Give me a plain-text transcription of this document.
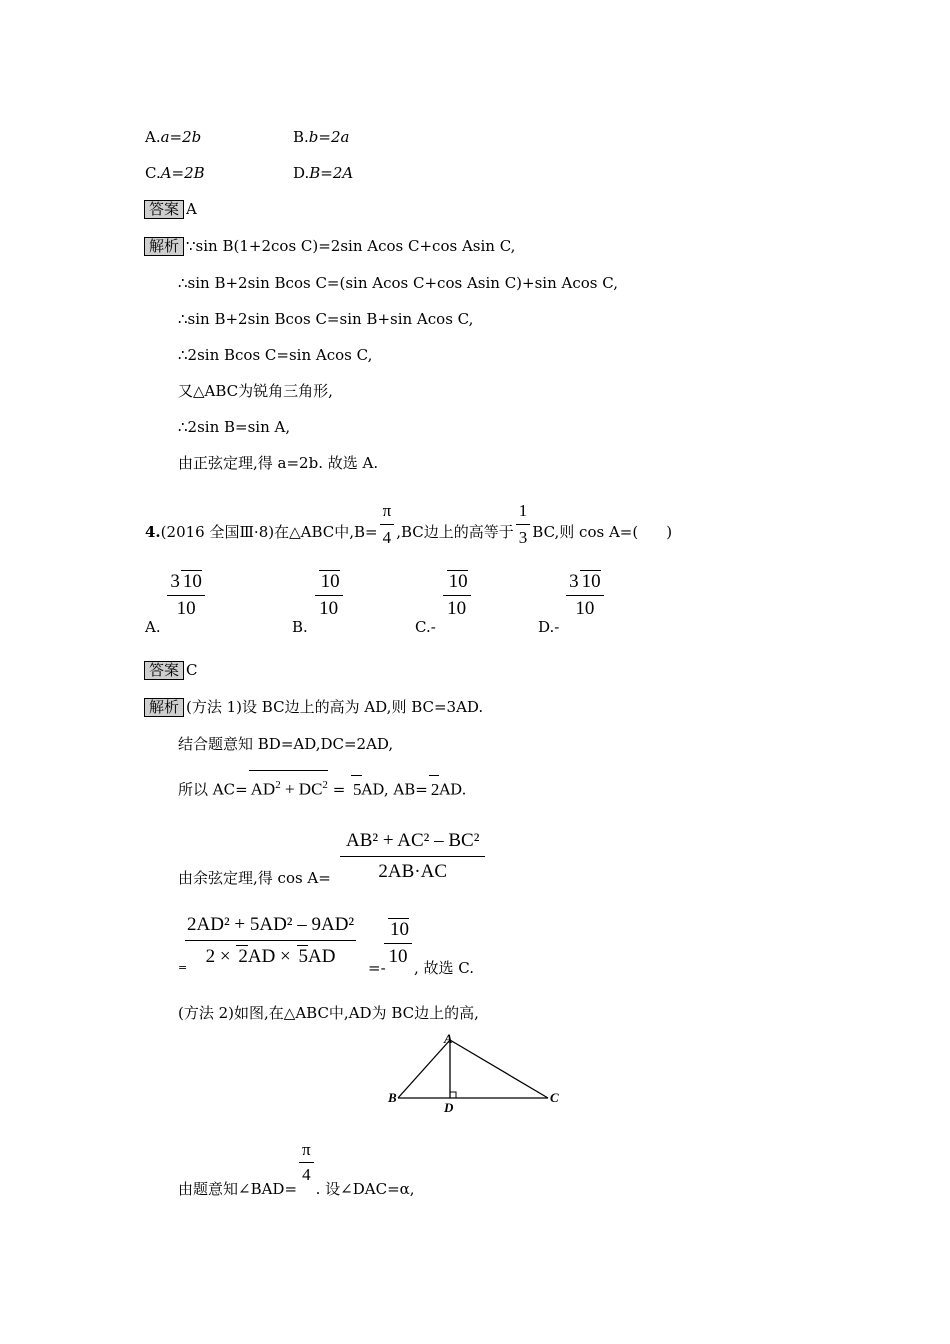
A.a=2b	B.b=2a
C.A=2B	D.B=2A
答案 A
解析 ∵sin B(1+2cos C)=2sin Acos C+cos Asin C,
∴sin B+2sin Bcos C=(sin Acos C+cos Asin C)+sin Acos C,
∴sin B+2sin Bcos C=sin B+sin Acos C,
∴2sin Bcos C=sin Acos C,
又△ABC为锐角三角形,
∴2sin B=sin A,
由正弦定理,得 a=2b. 故选 A.
4.(2016 全国Ⅲ·8)在△ABC中$,B= \frac{\pi}{4} ,BC$边上的高等于 $\frac{1}{3}$ BC,则 cos A=( )
A.
$\frac{3 10}{10}$
B.
$\frac{10}{10}$
C.-
$\frac{10}{10}$
D.-
$\frac{3 10}{10}$
答案 C
解析 (方法 1)设 BC边上的高为 AD,则 BC=3AD.
结合题意知 BD=AD,DC=2AD,
所以 $AC= AD^2 + DC^2 = 5AD$, AB= 2AD.
由余弦定理,得 $\cos A= \frac{\text{AB² + AC² – BC²}}{2AB\cdot AC}$
=
$\frac{\text{2AD² + 5AD² – 9AD²}}{2 \times 2AD \times 5AD}$ =-
$\frac{10}{10}$ , 故选 C.
(方法 2)如图,在△ABC中,AD为 BC边上的高,
A
B	C
D
由题意知∠BAD=
$\frac{\pi}{4}$
. 设∠DAC=α,
